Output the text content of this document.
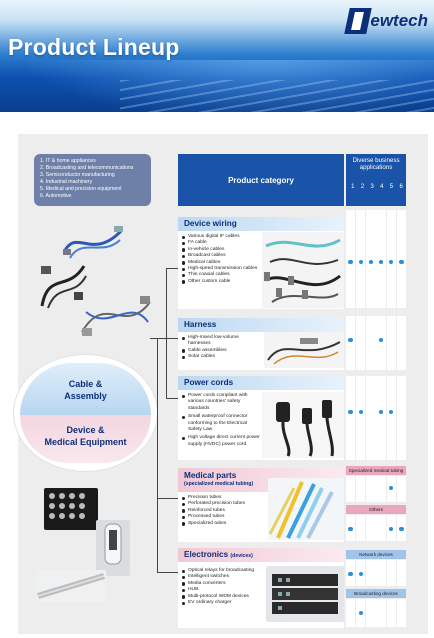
Product Lineup
ewtech
1. IT & home appliances
2. Broadcasting and telecommunications
3. Semiconductor manufacturing
4. Industrial machinery
5. Medical and precision equipment
6. Automotive
Product category
Diverse business applications
1 2 3 4 5 6
Cable &
Assembly
Device &
Medical Equipment
Device wiring
Various digital IF cables
FA cable
In-vehicle cables
Broadcast cables
Medical cables
High-speed transmission cables
Thin coaxial cables
Other custom cable
Harness
High-mixed low-volume harnesses
Cable assemblies
Solar cables
Power cords
Power cords compliant with various countries' safety standards
Small waterproof connector conforming to the Electrical Safety Law
High voltage direct current power supply (HVDC) power cord
Medical parts
(specialized medical tubing)
Precision tubes
Perforated precision tubes
Reinforced tubes
Processed tubes
Specialized tubes
Electronics (devices)
Optical relays for broadcasting
Intelligent switches
Media converters
HUB
Multi-protocol WDM devices
EV ordinary charger
Specialized medical tubing
Others
Network devices
Broadcasting devices
